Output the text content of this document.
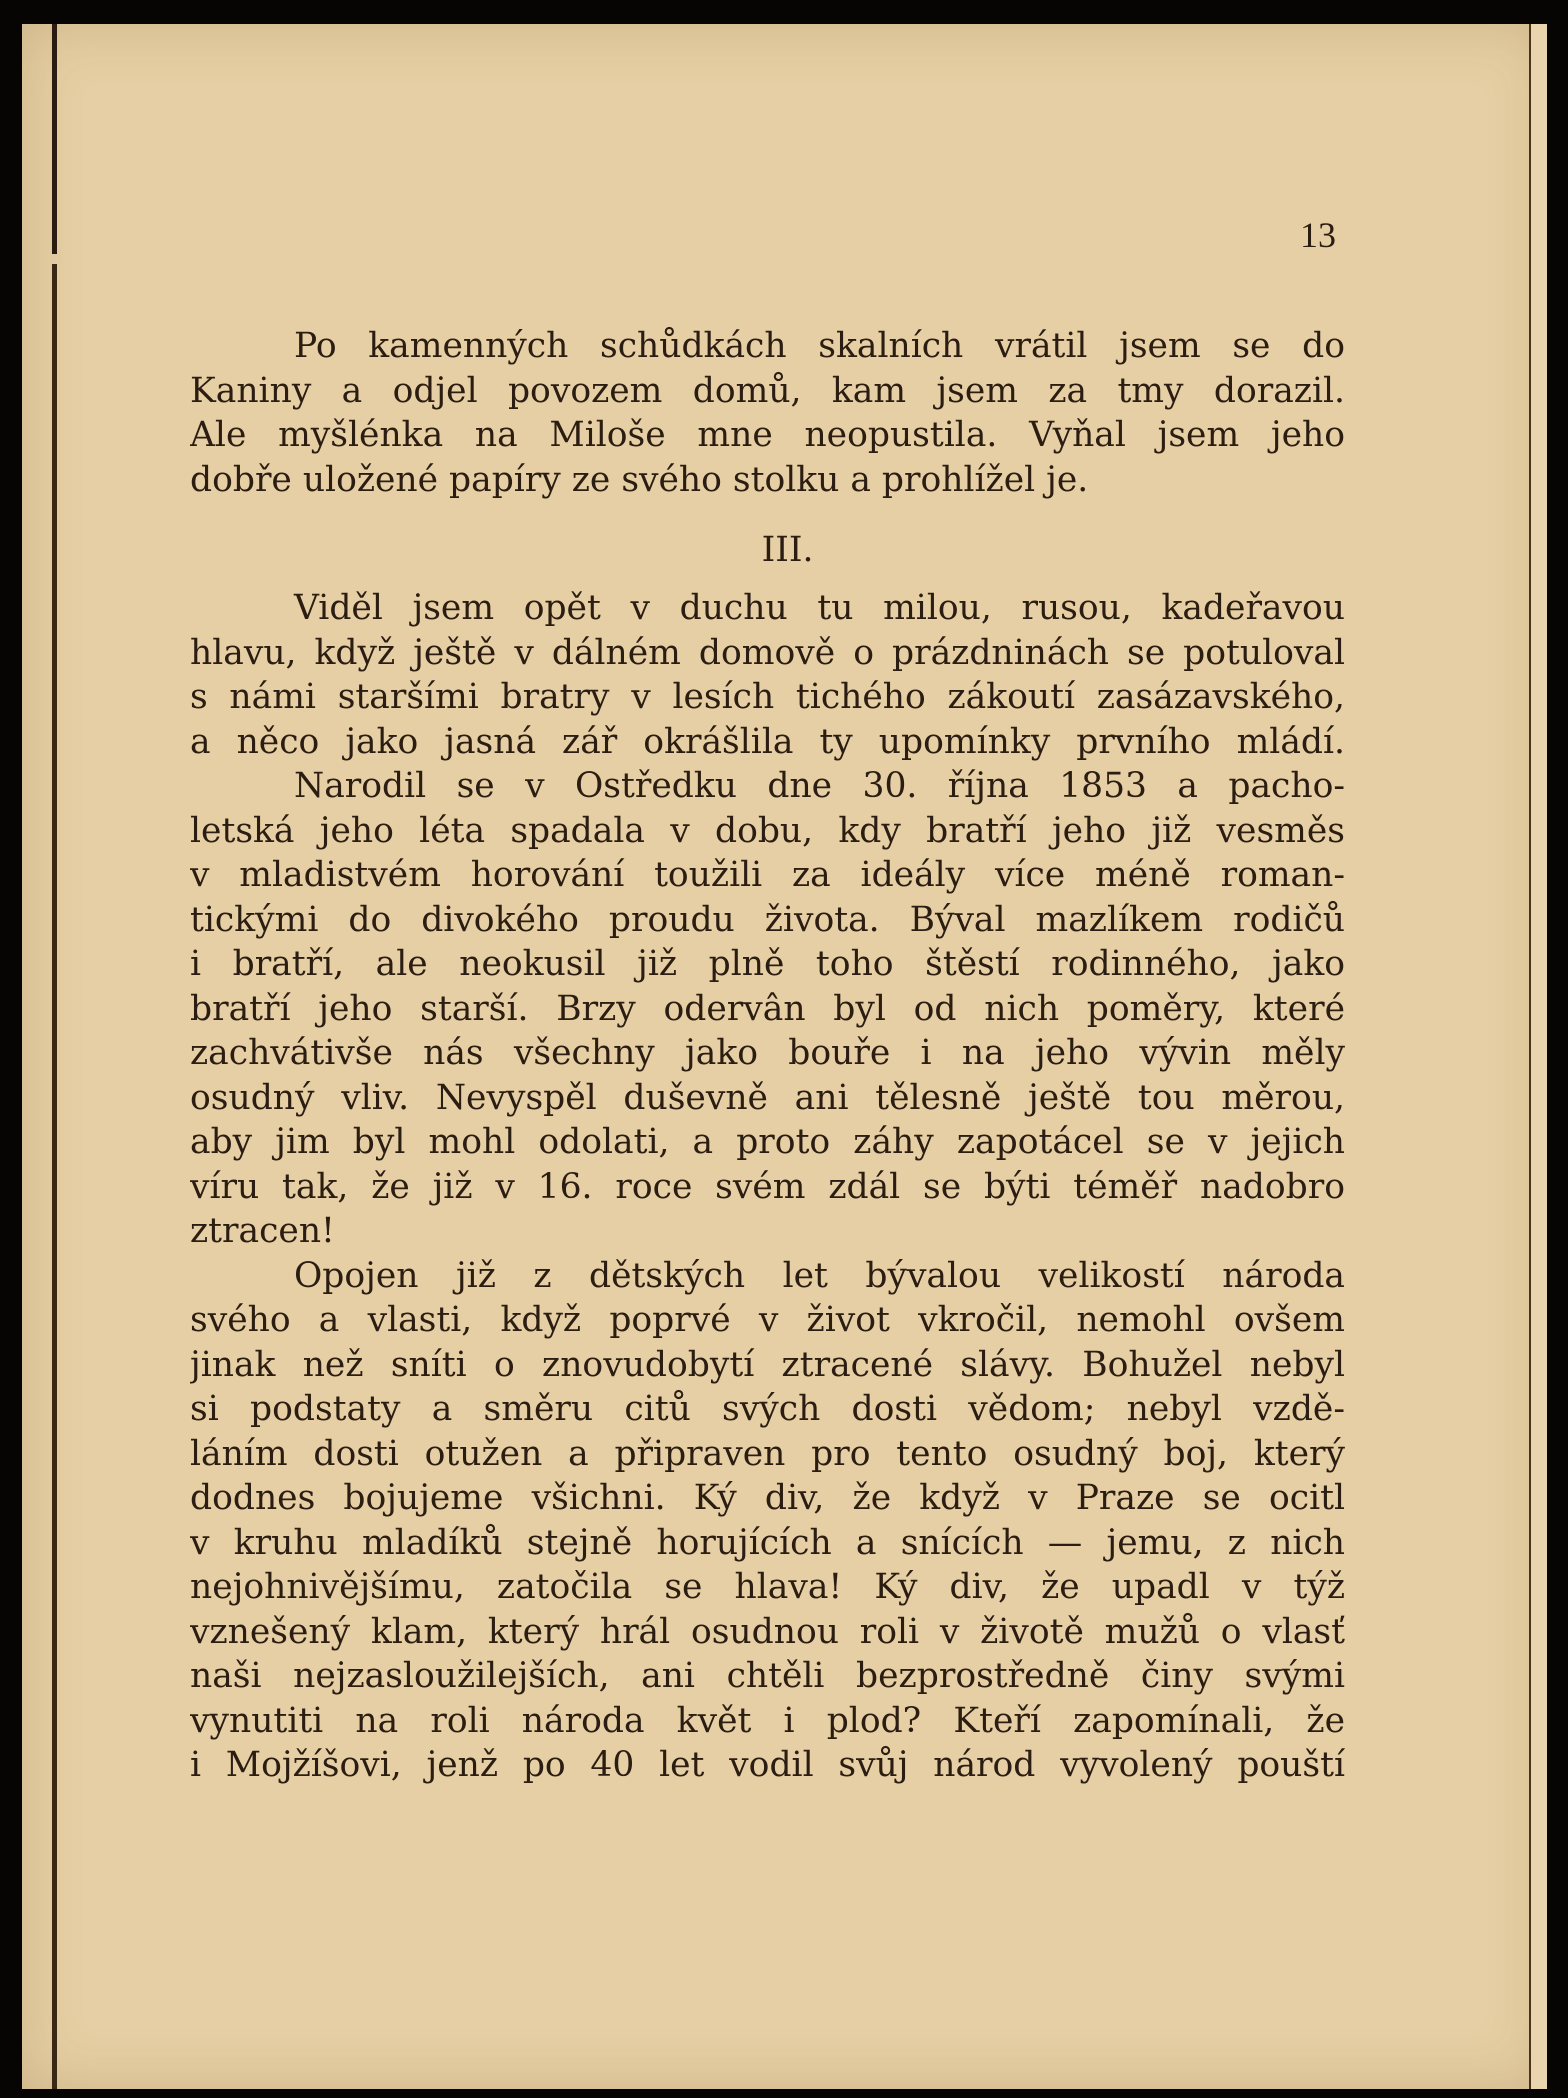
13
Po kamenných schůdkách skalních vrátil jsem se do
Kaniny a odjel povozem domů, kam jsem za tmy dorazil.
Ale myšlénka na Miloše mne neopustila. Vyňal jsem jeho
dobře uložené papíry ze svého stolku a prohlížel je.
III.
Viděl jsem opět v duchu tu milou, rusou, kadeřavou
hlavu, když ještě v dálném domově o prázdninách se potuloval
s námi staršími bratry v lesích tichého zákoutí zasázavského,
a něco jako jasná zář okrášlila ty upomínky prvního mládí.
Narodil se v Ostředku dne 30. října 1853 a pacho-
letská jeho léta spadala v dobu, kdy bratří jeho již vesměs
v mladistvém horování toužili za ideály více méně roman-
tickými do divokého proudu života. Býval mazlíkem rodičů
i bratří, ale neokusil již plně toho štěstí rodinného, jako
bratří jeho starší. Brzy odervân byl od nich poměry, které
zachvátivše nás všechny jako bouře i na jeho vývin měly
osudný vliv. Nevyspěl duševně ani tělesně ještě tou měrou,
aby jim byl mohl odolati, a proto záhy zapotácel se v jejich
víru tak, že již v 16. roce svém zdál se býti téměř nadobro
ztracen!
Opojen již z dětských let bývalou velikostí národa
svého a vlasti, když poprvé v život vkročil, nemohl ovšem
jinak než sníti o znovudobytí ztracené slávy. Bohužel nebyl
si podstaty a směru citů svých dosti vědom; nebyl vzdě-
láním dosti otužen a připraven pro tento osudný boj, který
dodnes bojujeme všichni. Ký div, že když v Praze se ocitl
v kruhu mladíků stejně horujících a snících — jemu, z nich
nejohnivějšímu, zatočila se hlava! Ký div, že upadl v týž
vznešený klam, který hrál osudnou roli v životě mužů o vlasť
naši nejzasloužilejších, ani chtěli bezprostředně činy svými
vynutiti na roli národa květ i plod? Kteří zapomínali, že
i Mojžíšovi, jenž po 40 let vodil svůj národ vyvolený pouští
